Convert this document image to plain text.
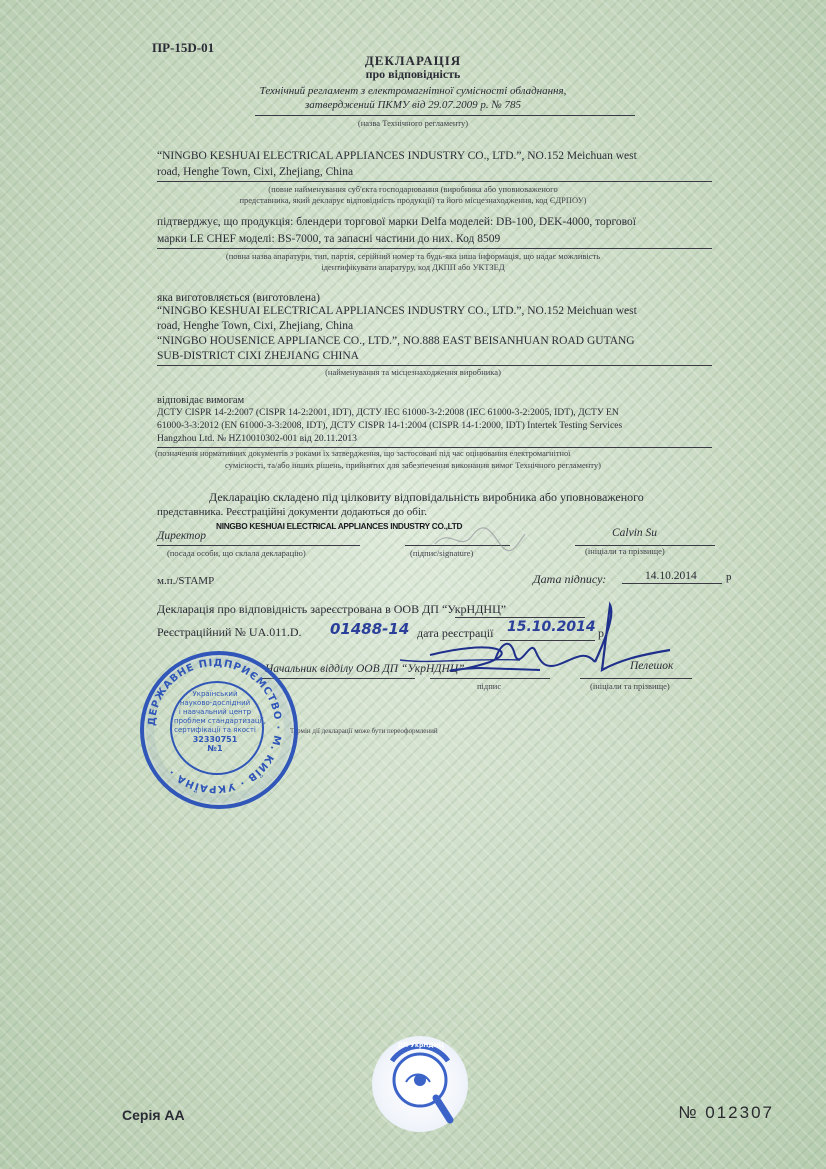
ПР-15D-01
ДЕКЛАРАЦІЯ
про відповідність
Технічний регламент з електромагнітної сумісності обладнання,
затверджений ПКМУ від 29.07.2009 р. № 785
(назва Технічного регламенту)
“NINGBO KESHUAI ELECTRICAL APPLIANCES INDUSTRY CO., LTD.”, NO.152 Meichuan west
road, Henghe Town, Cixi, Zhejiang, China
(повне найменування суб'єкта господарювання (виробника або уповноваженого
представника, який декларує відповідність продукції) та його місцезнаходження, код ЄДРПОУ)
підтверджує, що продукція: блендери торгової марки Delfa моделей: DB-100, DEK-4000, торгової
марки LE CHEF моделі: BS-7000, та запасні частини до них. Код 8509
(повна назва апаратури, тип, партія, серійний номер та будь-яка інша інформація, що надає можливість
ідентифікувати апаратуру, код ДКПП або УКТЗЕД
яка виготовляється (виготовлена)
“NINGBO KESHUAI ELECTRICAL APPLIANCES INDUSTRY CO., LTD.”, NO.152 Meichuan west
road, Henghe Town, Cixi, Zhejiang, China
“NINGBO HOUSENICE APPLIANCE CO., LTD.”, NO.888 EAST BEISANHUAN ROAD GUTANG
SUB-DISTRICT CIXI ZHEJIANG CHINA
(найменування та місцезнаходження виробника)
відповідає вимогам
ДСТУ CISPR 14-2:2007 (CISPR 14-2:2001, IDT), ДСТУ IEC 61000-3-2:2008 (IEC 61000-3-2:2005, IDT), ДСТУ EN
61000-3-3:2012 (EN 61000-3-3:2008, IDT), ДСТУ CISPR 14-1:2004 (CISPR 14-1:2000, IDT) Intertek Testing Services
Hangzhou Ltd. № HZ10010302-001 від 20.11.2013
(позначення нормативних документів з роками їх затвердження, що застосовані під час оцінювання електромагнітної
сумісності, та/або інших рішень, прийнятих для забезпечення виконання вимог Технічного регламенту)
Декларацію складено під цілковиту відповідальність виробника або уповноваженого
представника. Реєстраційні документи додаються до обіг.
NINGBO KESHUAI ELECTRICAL APPLIANCES INDUSTRY CO.,LTD
Директор	Calvin Su
(посада особи, що склала декларацію)	(підпис/signature)	(ініціали та прізвище)
м.п./STAMP	Дата підпису:	14.10.2014	р
Декларація про відповідність зареєстрована в ООВ ДП “УкрНДНЦ”
Реєстраційний № UA.011.D. 01488-14 дата реєстрації 15.10.2014 р.
Начальник відділу ООВ ДП “УкрНДНЦ”	Пелешок
підпис	(ініціали та прізвище)
Термін дії декларації може бути переоформлений
ДЕРЖАВНЕ ПІДПРИЄМСТВО · М. КИЇВ · УКРАЇНА ·
Український
науково-дослідний
і навчальний центр
проблем стандартизації,
сертифікації та якості
32330751
№1
ДП УкрНДНЦ
Серія АА	№ 012307
